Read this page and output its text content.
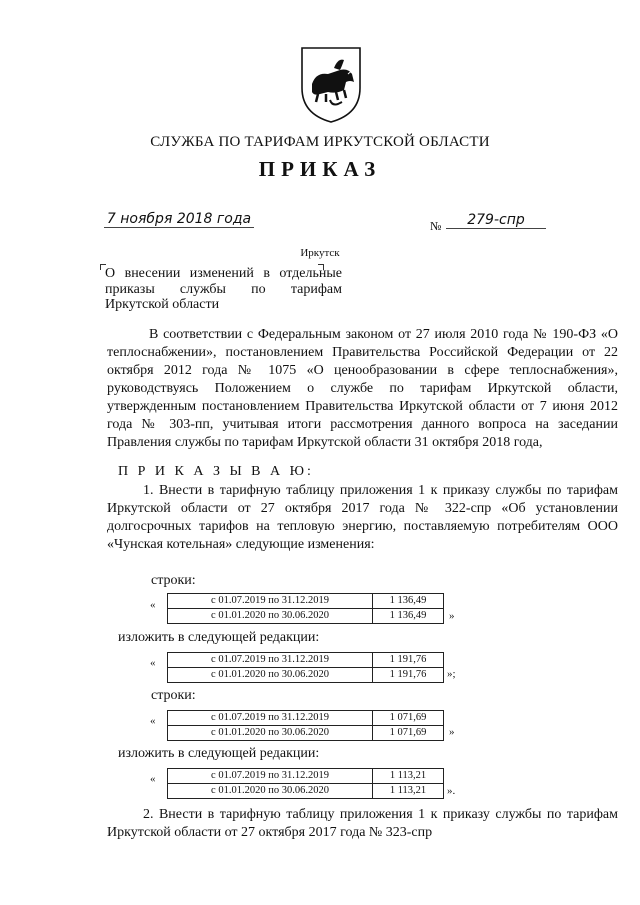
СЛУЖБА ПО ТАРИФАМ ИРКУТСКОЙ ОБЛАСТИ
ПРИКАЗ
7 ноября 2018 года	№	279-спр
Иркутск
О внесении изменений в отдельные приказы службы по тарифам Иркутской области
В соответствии с Федеральным законом от 27 июля 2010 года № 190-ФЗ «О теплоснабжении», постановлением Правительства Российской Федерации от 22 октября 2012 года № 1075 «О ценообразовании в сфере теплоснабжения», руководствуясь Положением о службе по тарифам Иркутской области, утвержденным постановлением Правительства Иркутской области от 7 июня 2012 года № 303-пп, учитывая итоги рассмотрения данного вопроса на заседании Правления службы по тарифам Иркутской области 31 октября 2018 года,
П Р И К А З Ы В А Ю:
1. Внести в тарифную таблицу приложения 1 к приказу службы по тарифам Иркутской области от 27 октября 2017 года № 322-спр «Об установлении долгосрочных тарифов на тепловую энергию, поставляемую потребителям ООО «Чунская котельная» следующие изменения:
строки:
«	с 01.07.2019 по 31.12.2019	1 136,49
с 01.01.2020 по 30.06.2020	1 136,49 »
изложить в следующей редакции:
«	с 01.07.2019 по 31.12.2019	1 191,76
с 01.01.2020 по 30.06.2020	1 191,76 »;
строки:
«	с 01.07.2019 по 31.12.2019	1 071,69
с 01.01.2020 по 30.06.2020	1 071,69 »
изложить в следующей редакции:
«	с 01.07.2019 по 31.12.2019	1 113,21
с 01.01.2020 по 30.06.2020	1 113,21 ».
2. Внести в тарифную таблицу приложения 1 к приказу службы по тарифам Иркутской области от 27 октября 2017 года № 323-спр
